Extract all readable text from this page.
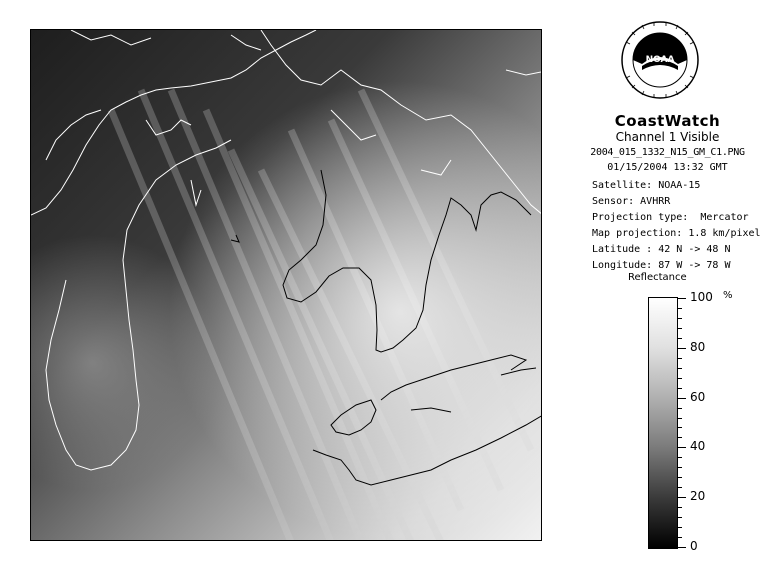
NOAA
CoastWatch
Channel 1 Visible
2004_015_1332_N15_GM_C1.PNG
01/15/2004 13:32 GMT
Satellite: NOAA-15
Sensor: AVHRR
Projection type:  Mercator
Map projection: 1.8 km/pixel
Latitude : 42 N -> 48 N
Longitude: 87 W -> 78 W
Reflectance
%
100
80
60
40
20
0
